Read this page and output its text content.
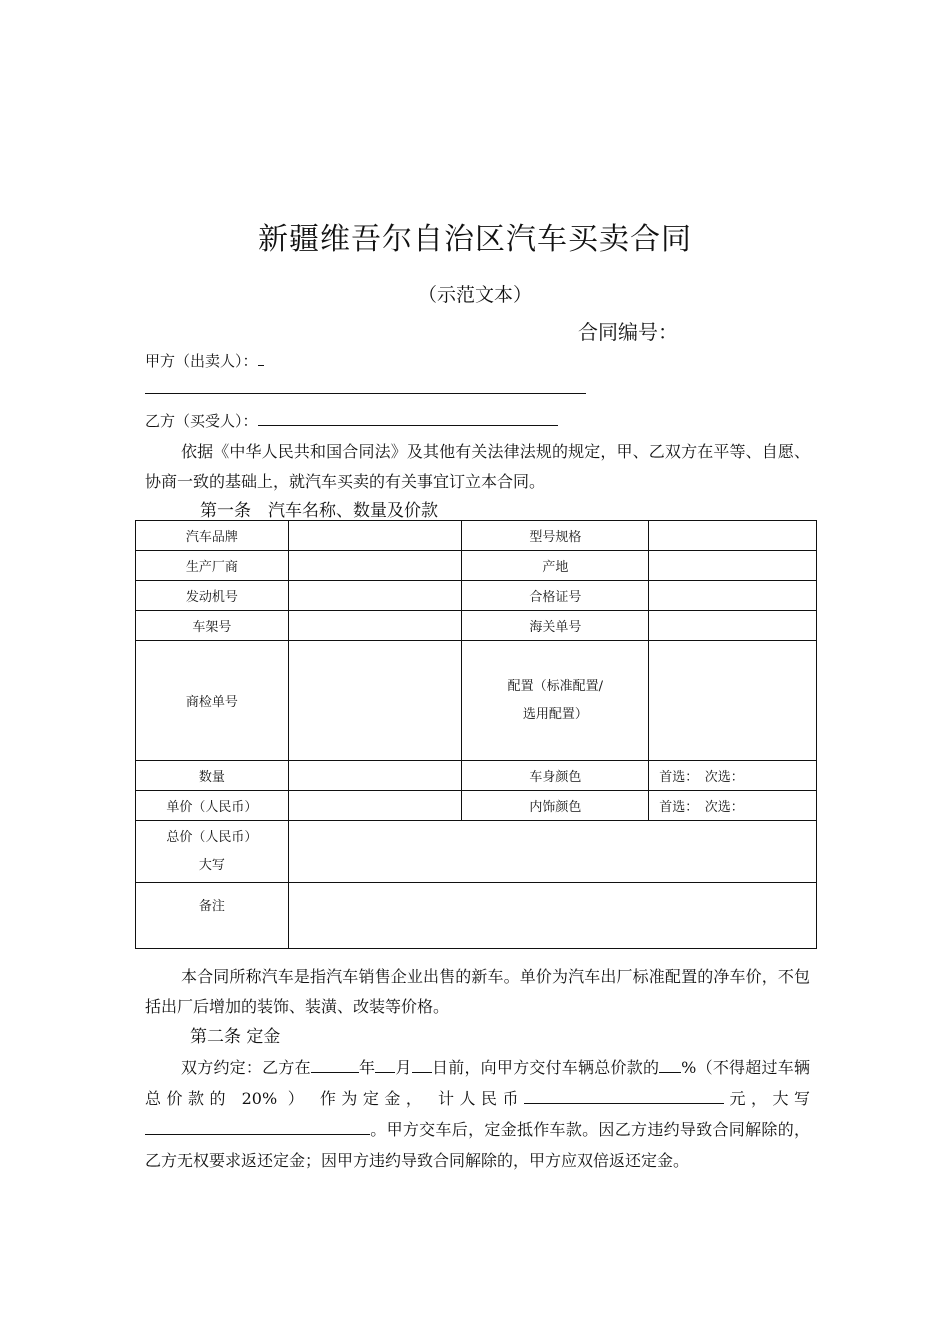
新疆维吾尔自治区汽车买卖合同
（示范文本）
合同编号：
甲方（出卖人）：
乙方（买受人）：
依据《中华人民共和国合同法》及其他有关法律法规的规定，甲、乙双方在平等、自愿、协商一致的基础上，就汽车买卖的有关事宜订立本合同。
第一条　汽车名称、数量及价款
汽车品牌		型号规格	
生产厂商		产地	
发动机号		合格证号	
车架号		海关单号	
商检单号		配置（标准配置/
选用配置）	

数量		车身颜色	首选：　 次选：
单价（人民币）		内饰颜色	首选：　 次选：

总价（人民币）
大写			

备注			
本合同所称汽车是指汽车销售企业出售的新车。单价为汽车出厂标准配置的净车价，不包括出厂后增加的装饰、装潢、改装等价格。
第二条 定金
双方约定：乙方在	年 月 日前，向甲方交付车辆总价款的 %（不得超过车辆总价款的 20% ） 作为定金， 计人民币	元，大写。甲方交车后，定金抵作车款。因乙方违约导致合同解除的，乙方无权要求返还定金；因甲方违约导致合同解除的，甲方应双倍返还定金。
